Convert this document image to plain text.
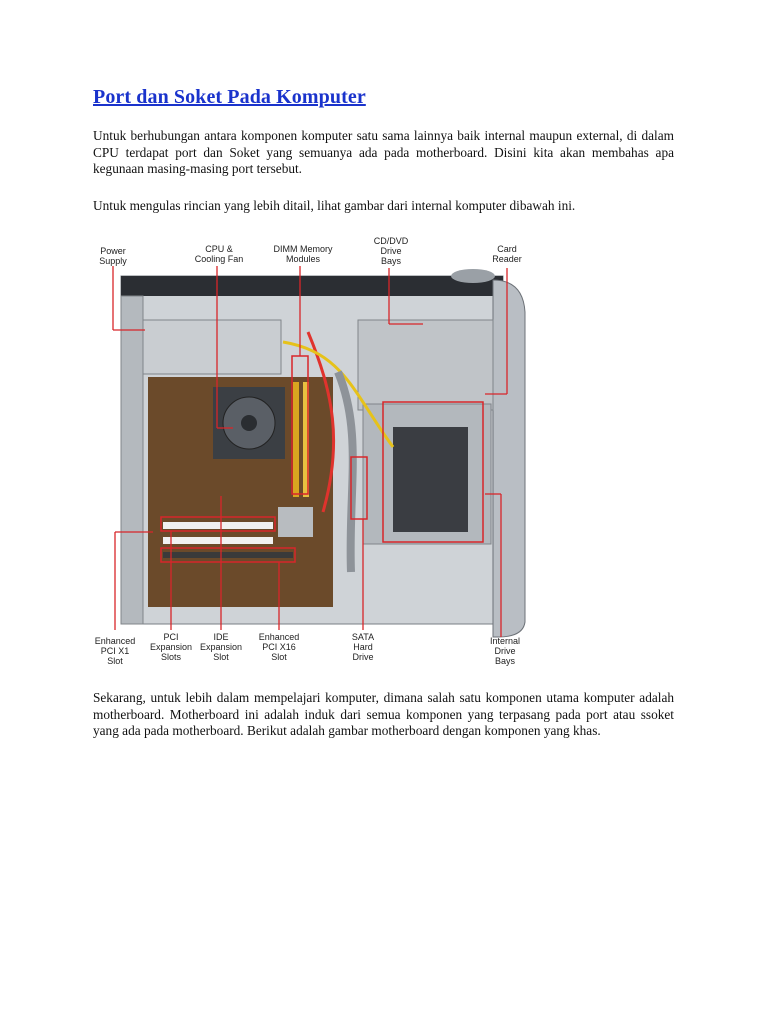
Port dan Soket Pada Komputer

Untuk berhubungan antara komponen komputer satu sama lainnya baik internal maupun external, di dalam CPU terdapat port dan Soket yang semuanya ada pada motherboard. Disini kita akan membahas apa kegunaan masing-masing port tersebut.

Untuk mengulas rincian yang lebih ditail, lihat gambar dari internal komputer dibawah ini.

Power Supply
CPU & Cooling Fan
DIMM Memory Modules
CD/DVD Drive Bays
Card Reader
Enhanced PCI X1 Slot
PCI Expansion Slots
IDE Expansion Slot
Enhanced PCI X16 Slot
SATA Hard Drive
Internal Drive Bays

Sekarang, untuk lebih dalam mempelajari komputer, dimana salah satu komponen utama komputer adalah motherboard. Motherboard ini adalah induk dari semua komponen yang terpasang pada port atau ssoket yang ada pada motherboard. Berikut adalah gambar motherboard dengan komponen yang khas.
